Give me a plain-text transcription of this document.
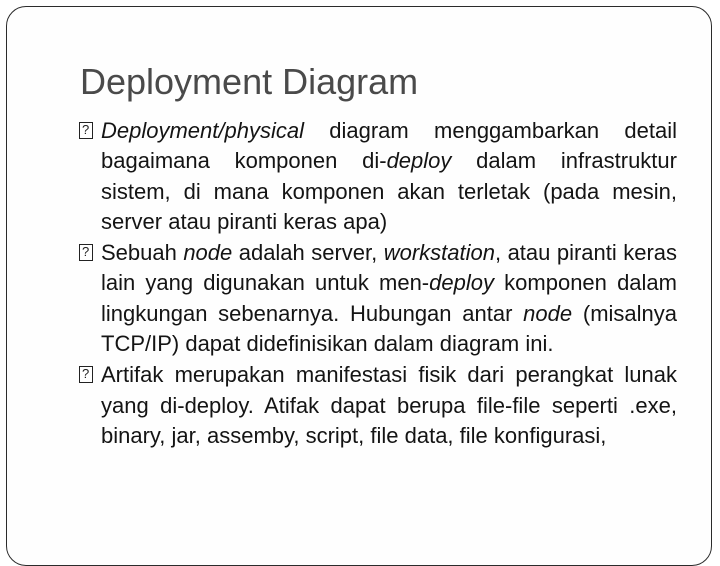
Deployment Diagram

?
Deployment/physical diagram menggambarkan detail bagaimana komponen di-deploy dalam infrastruktur sistem, di mana komponen akan terletak (pada mesin, server atau piranti keras apa)

?
Sebuah node adalah server, workstation, atau piranti keras lain yang digunakan untuk men-deploy komponen dalam lingkungan sebenarnya. Hubungan antar node (misalnya TCP/IP) dapat didefinisikan dalam diagram ini.

?
Artifak merupakan manifestasi fisik dari perangkat lunak yang di-deploy. Atifak dapat berupa file-file seperti .exe, binary, jar, assemby, script, file data, file konfigurasi,
